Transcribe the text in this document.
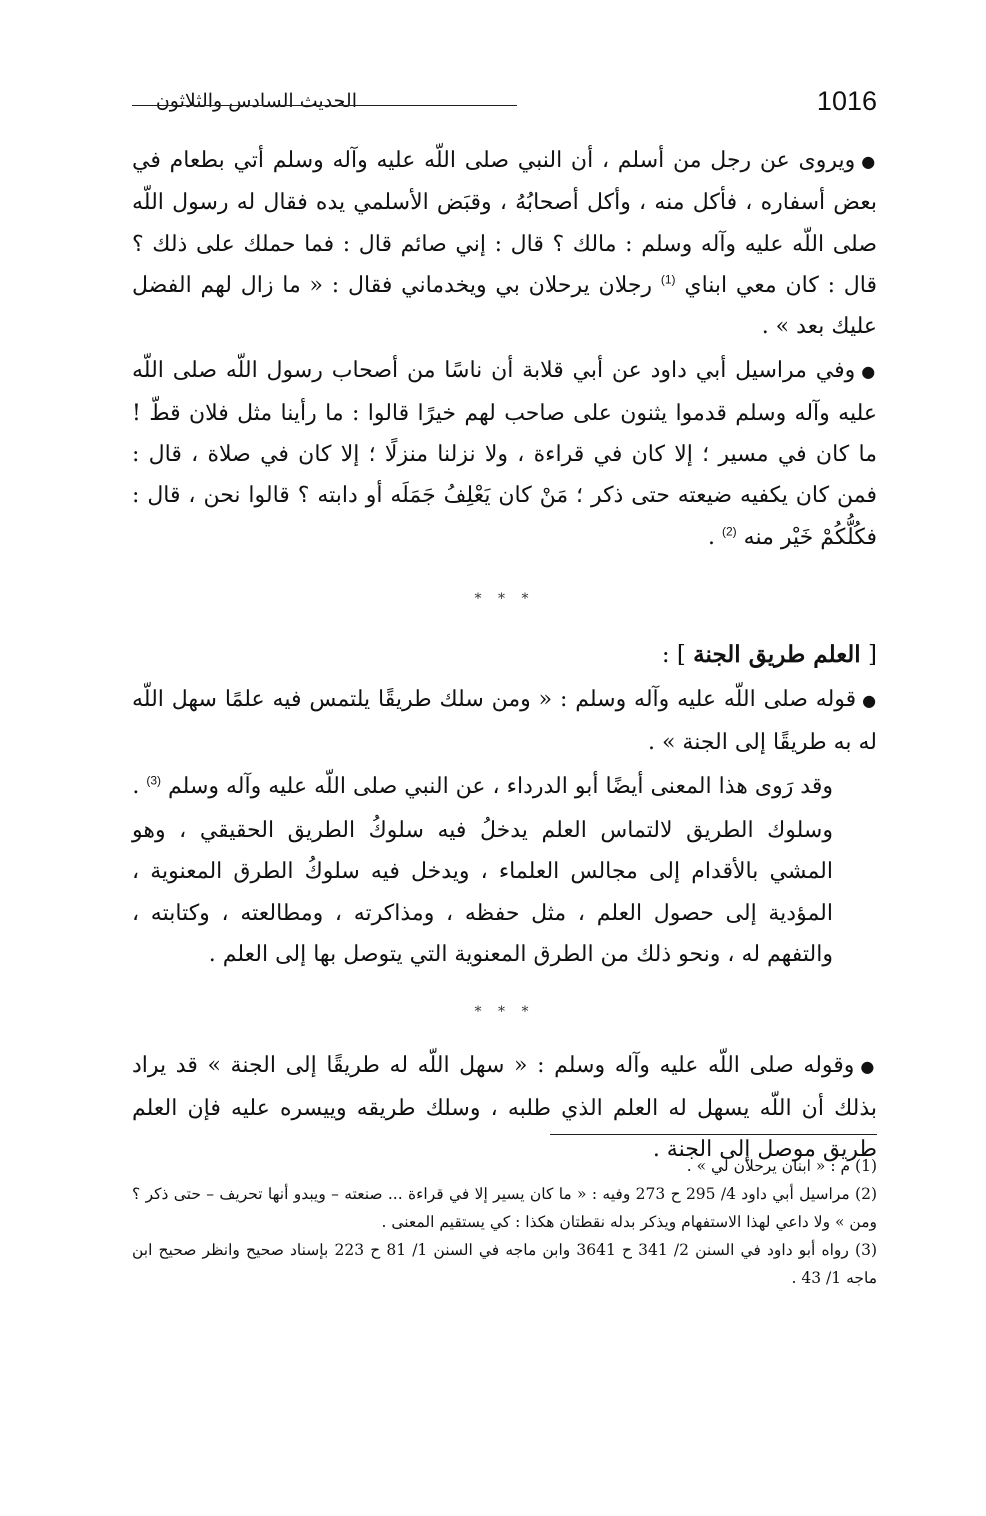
1016
الحديث السادس والثلاثون

●ويروى عن رجل من أسلم ، أن النبي صلى اللّه عليه وآله وسلم أتي بطعام في بعض أسفاره ، فأكل منه ، وأكل أصحابُهُ ، وقبَض الأسلمي يده فقال له رسول اللّه صلى اللّه عليه وآله وسلم : مالك ؟ قال : إني صائم قال : فما حملك على ذلك ؟ قال : كان معي ابناي $^{(1)}$ رجلان يرحلان بي ويخدماني فقال : « ما زال لهم الفضل عليك بعد » .

●وفي مراسيل أبي داود عن أبي قلابة أن ناسًا من أصحاب رسول اللّه صلى اللّه عليه وآله وسلم قدموا يثنون على صاحب لهم خيرًا قالوا : ما رأينا مثل فلان قطّ ! ما كان في مسير ؛ إلا كان في قراءة ، ولا نزلنا منزلًا ؛ إلا كان في صلاة ، قال : فمن كان يكفيه ضيعته حتى ذكر ؛ مَنْ كان يَعْلِفُ جَمَلَه أو دابته ؟ قالوا نحن ، قال : فكُلُّكُمْ خَيْر منه $^{(2)}$ .

* * *

[ العلم طريق الجنة ] :

●قوله صلى اللّه عليه وآله وسلم : « ومن سلك طريقًا يلتمس فيه علمًا سهل اللّه له به طريقًا إلى الجنة » .

وقد رَوى هذا المعنى أيضًا أبو الدرداء ، عن النبي صلى اللّه عليه وآله وسلم $^{(3)}$ .

وسلوك الطريق لالتماس العلم يدخلُ فيه سلوكُ الطريق الحقيقي ، وهو المشي بالأقدام إلى مجالس العلماء ، ويدخل فيه سلوكُ الطرق المعنوية ، المؤدية إلى حصول العلم ، مثل حفظه ، ومذاكرته ، ومطالعته ، وكتابته ، والتفهم له ، ونحو ذلك من الطرق المعنوية التي يتوصل بها إلى العلم .

* * *

●وقوله صلى اللّه عليه وآله وسلم : « سهل اللّه له طريقًا إلى الجنة » قد يراد بذلك أن اللّه يسهل له العلم الذي طلبه ، وسلك طريقه وييسره عليه فإن العلم طريق موصل إلى الجنة .

(1) م : « ابنان يرحلان لي » .

(2) مراسيل أبي داود 4/ 295 ح 273 وفيه : « ما كان يسير إلا في قراءة ... صنعته – ويبدو أنها تحريف – حتى ذكر ؟ ومن » ولا داعي لهذا الاستفهام ويذكر بدله نقطتان هكذا : كي يستقيم المعنى .

(3) رواه أبو داود في السنن 2/ 341 ح 3641 وابن ماجه في السنن 1/ 81 ح 223 بإسناد صحيح وانظر صحيح ابن ماجه 1/ 43 .
